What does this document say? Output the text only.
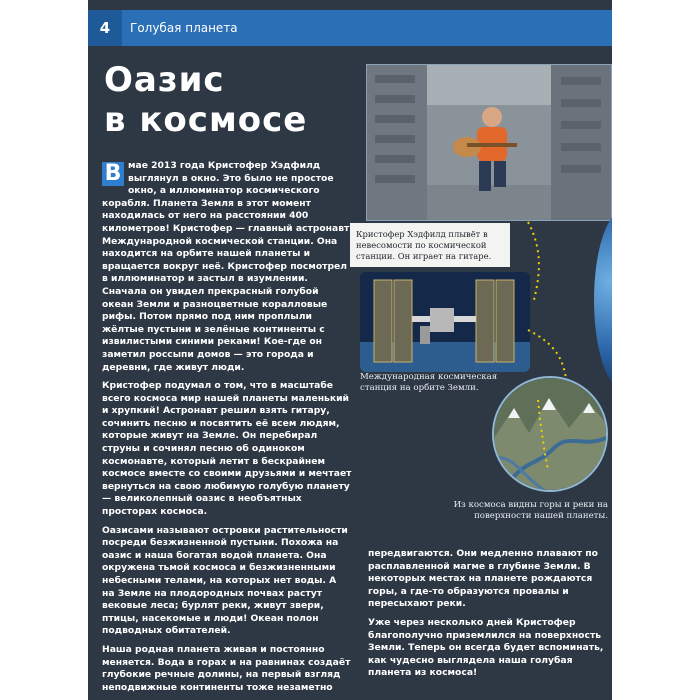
4	Голубая планета
Оазис
в космосе

В мае 2013 года Кристофер Хэдфилд выглянул в окно. Это было не простое окно, а иллюминатор космического корабля. Планета Земля в этот момент находилась от него на расстоянии 400 километров! Кристофер — главный астронавт Международной космической станции. Она находится на орбите нашей планеты и вращается вокруг неё. Кристофер посмотрел в иллюминатор и застыл в изумлении. Сначала он увидел прекрасный голубой океан Земли и разноцветные коралловые рифы. Потом прямо под ним проплыли жёлтые пустыни и зелёные континенты с извилистыми синими реками! Кое-где он заметил россыпи домов — это города и деревни, где живут люди.

Кристофер подумал о том, что в масштабе всего космоса мир нашей планеты маленький и хрупкий! Астронавт решил взять гитару, сочинить песню и посвятить её всем людям, которые живут на Земле. Он перебирал струны и сочинял песню об одиноком космонавте, который летит в бескрайнем космосе вместе со своими друзьями и мечтает вернуться на свою любимую голубую планету — великолепный оазис в необъятных просторах космоса.

Оазисами называют островки растительности посреди безжизненной пустыни. Похожа на оазис и наша богатая водой планета. Она окружена тьмой космоса и безжизненными небесными телами, на которых нет воды. А на Земле на плодородных почвах растут вековые леса; бурлят реки, живут звери, птицы, насекомые и люди! Океан полон подводных обитателей.

Наша родная планета живая и постоянно меняется. Вода в горах и на равнинах создаёт глубокие речные долины, на первый взгляд неподвижные континенты тоже незаметно

Кристофер Хэдфилд плывёт в невесомости по космической станции. Он играет на гитаре.
Международная космическая станция на орбите Земли.
Из космоса видны горы и реки на поверхности нашей планеты.

передвигаются. Они медленно плавают по расплавленной магме в глубине Земли. В некоторых местах на планете рождаются горы, а где-то образуются провалы и пересыхают реки.

Уже через несколько дней Кристофер благополучно приземлился на поверхность Земли. Теперь он всегда будет вспоминать, как чудесно выглядела наша голубая планета из космоса!
